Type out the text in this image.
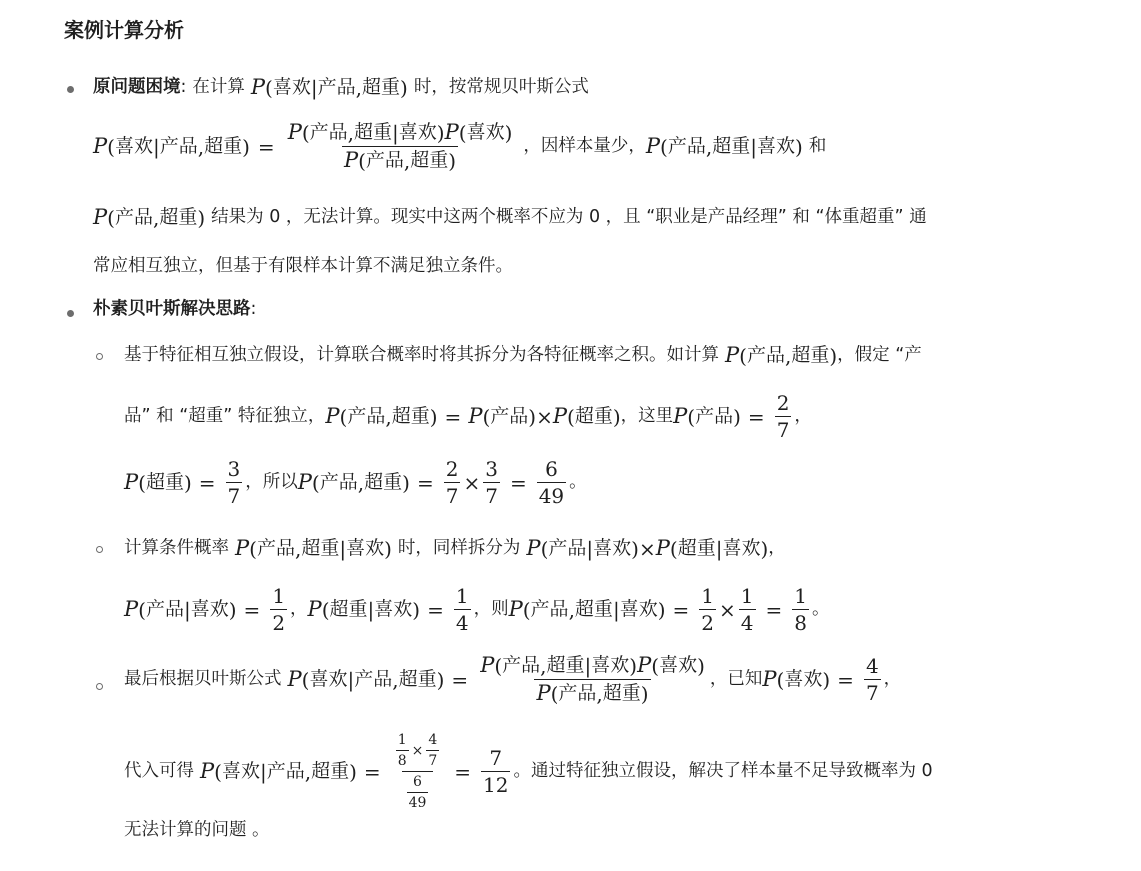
案例计算分析
原问题困境 : 在计算 P ( 喜欢 | 产品 , 超重 ) 时，按常规贝叶斯公式
P ( 喜欢 | 产品 , 超重 ) = $\frac{\text{P ( 产品 , 超重 | 喜欢 ) P ( 喜欢 )}}{\text{P ( 产品 , 超重 )}}$ ，因样本量少， P ( 产品 , 超重 | 喜欢 ) 和
P ( 产品 , 超重 ) 结果为 0 ，无法计算。现实中这两个概率不应为 0 ，且 “职业是产品经理” 和 “体重超重” 通
常应相互独立，但基于有限样本计算不满足独立条件。
朴素贝叶斯解决思路 :
基于特征相互独立假设，计算联合概率时将其拆分为各特征概率之积。如计算 P ( 产品 , 超重 ) ，假定 “产
品” 和 “超重” 特征独立， P ( 产品 , 超重 ) = P ( 产品 ) × P ( 超重 ) ，这里 P ( 产品 ) = $\frac{2}{7}$ ，
P ( 超重 ) = $\frac{3}{7}$ ，所以 P ( 产品 , 超重 ) = $\frac{2}{7} \times \frac{3}{7} = \frac{6}{49}$ 。
计算条件概率 P ( 产品 , 超重 | 喜欢 ) 时，同样拆分为 P ( 产品 | 喜欢 ) × P ( 超重 | 喜欢 ) ，
P ( 产品 | 喜欢 ) = $\frac{1}{2}$ ， P ( 超重 | 喜欢 ) = $\frac{1}{4}$ ，则 P ( 产品 , 超重 | 喜欢 ) = $\frac{1}{2} \times \frac{1}{4} = \frac{1}{8}$ 。
最后根据贝叶斯公式 P ( 喜欢 | 产品 , 超重 ) = $\frac{\text{P ( 产品 , 超重 | 喜欢 ) P ( 喜欢 )}}{\text{P ( 产品 , 超重 )}}$ ，已知 P ( 喜欢 ) = $\frac{4}{7}$ ，
代入可得 P ( 喜欢 | 产品 , 超重 ) = $\frac{\frac{1}{8} \times \frac{4}{7}}{\frac{6}{49}} = \frac{7}{12}$ 。通过特征独立假设，解决了样本量不足导致概率为 0
无法计算的问题 。
